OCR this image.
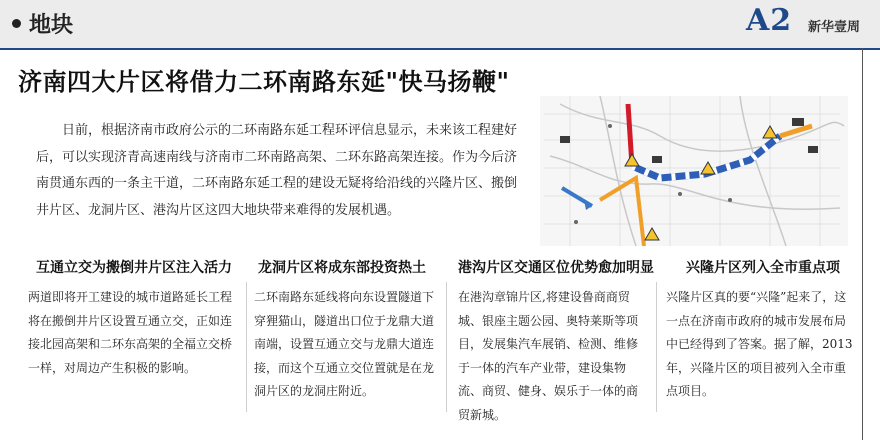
地块	A2 新华壹周
济南四大片区将借力二环南路东延"快马扬鞭"
日前，根据济南市政府公示的二环南路东延工程环评信息显示，未来该工程建好后，可以实现济青高速南线与济南市二环南路高架、二环东路高架连接。作为今后济南贯通东西的一条主干道，二环南路东延工程的建设无疑将给沿线的兴隆片区、搬倒井片区、龙洞片区、港沟片区这四大地块带来难得的发展机遇。
互通立交为搬倒井片区注入活力
两道即将开工建设的城市道路延长工程将在搬倒井片区设置互通立交，正如连接北园高架和二环东高架的全福立交桥一样，对周边产生积极的影响。
龙洞片区将成东部投资热土
二环南路东延线将向东设置隧道下穿狸猫山，隧道出口位于龙鼎大道南端，设置互通立交与龙鼎大道连接，而这个互通立交位置就是在龙洞片区的龙洞庄附近。
港沟片区交通区位优势愈加明显
在港沟章锦片区,将建设鲁商商贸城、银座主题公园、奥特莱斯等项目，发展集汽车展销、检测、维修于一体的汽车产业带，建设集物流、商贸、健身、娱乐于一体的商贸新城。
兴隆片区列入全市重点项
兴隆片区真的要“兴隆”起来了，这一点在济南市政府的城市发展布局中已经得到了答案。据了解，2013年，兴隆片区的项目被列入全市重点项目。
